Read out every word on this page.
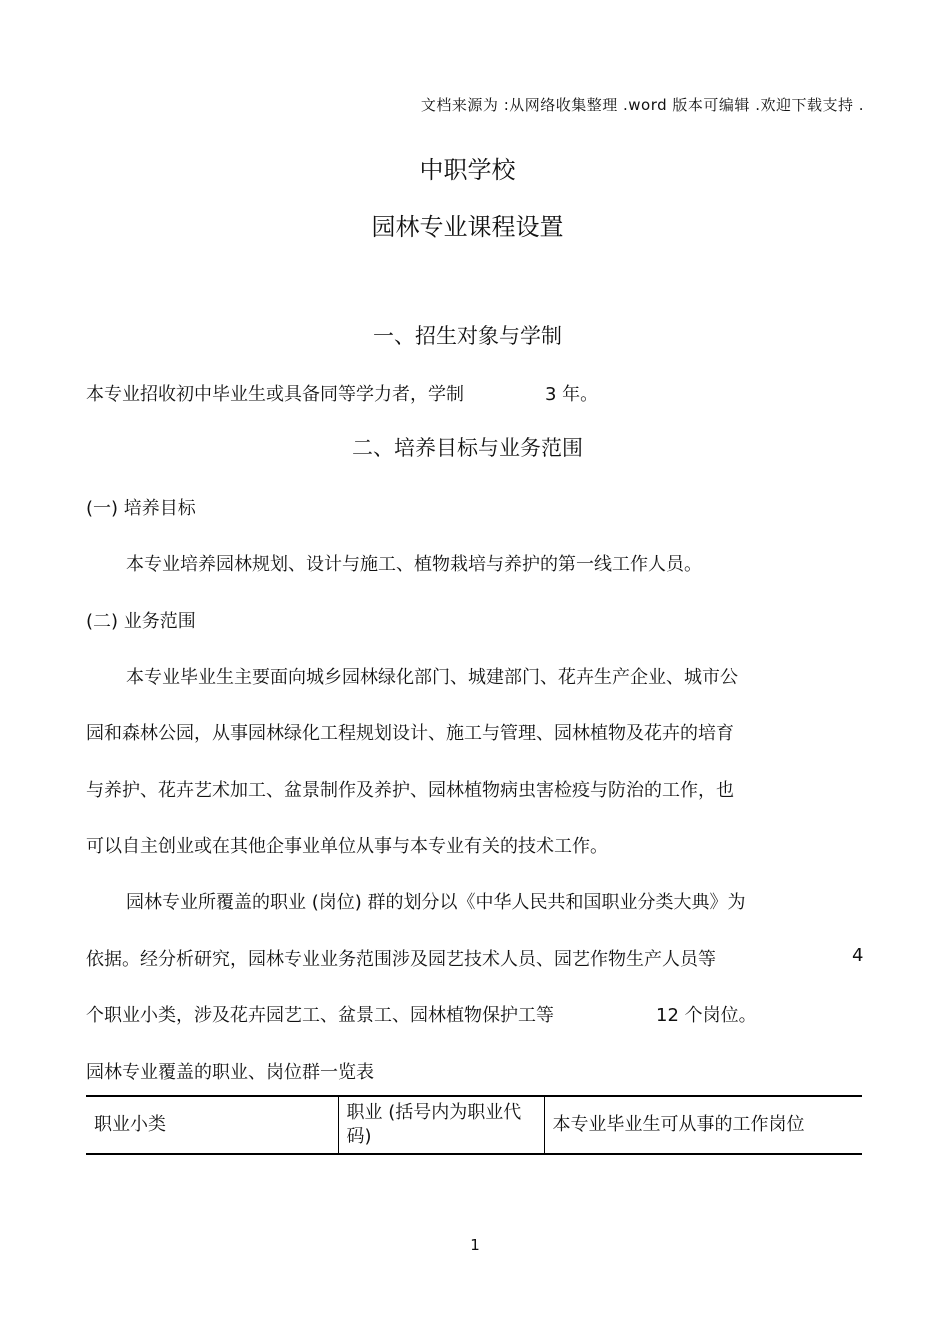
文档来源为 :从网络收集整理 .word 版本可编辑 .欢迎下载支持 .
中职学校
园林专业课程设置
一、招生对象与学制
本专业招收初中毕业生或具备同等学力者，学制	3 年。
二、培养目标与业务范围
(一) 培养目标
本专业培养园林规划、设计与施工、植物栽培与养护的第一线工作人员。
(二) 业务范围
本专业毕业生主要面向城乡园林绿化部门、城建部门、花卉生产企业、城市公
园和森林公园，从事园林绿化工程规划设计、施工与管理、园林植物及花卉的培育
与养护、花卉艺术加工、盆景制作及养护、园林植物病虫害检疫与防治的工作，也
可以自主创业或在其他企事业单位从事与本专业有关的技术工作。
园林专业所覆盖的职业 (岗位) 群的划分以《中华人民共和国职业分类大典》为
依据。经分析研究，园林专业业务范围涉及园艺技术人员、园艺作物生产人员等	4
个职业小类，涉及花卉园艺工、盆景工、园林植物保护工等	12 个岗位。
园林专业覆盖的职业、岗位群一览表
职业小类	职业 (括号内为职业代码)	本专业毕业生可从事的工作岗位
1
